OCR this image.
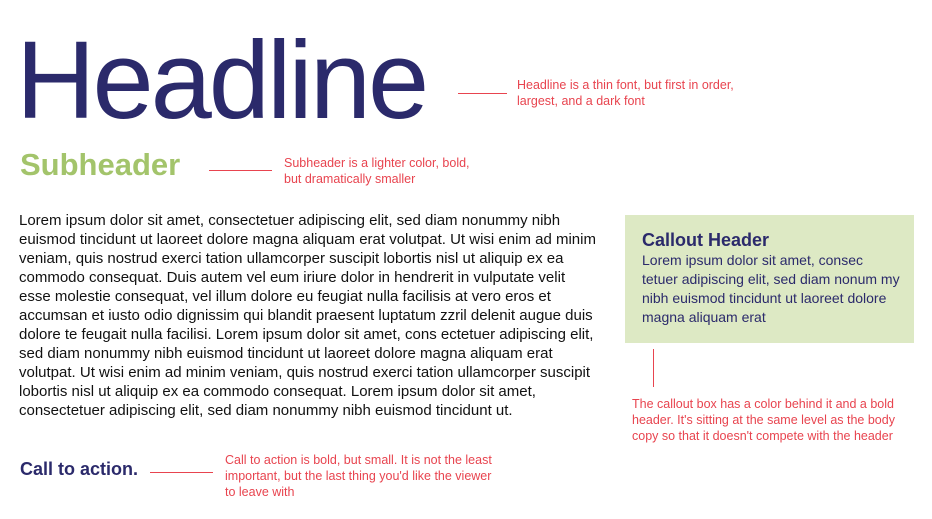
Headline	Headline is a thin font, but first in order, largest, and a dark font

Subheader	Subheader is a lighter color, bold, but dramatically smaller

Lorem ipsum dolor sit amet, consectetuer adipiscing elit, sed diam nonummy nibh euismod tincidunt ut laoreet dolore magna aliquam erat volutpat. Ut wisi enim ad minim veniam, quis nostrud exerci tation ullamcorper suscipit lobortis nisl ut aliquip ex ea commodo consequat. Duis autem vel eum iriure dolor in hendrerit in vulputate velit esse molestie consequat, vel illum dolore eu feugiat nulla facilisis at vero eros et accumsan et iusto odio dignissim qui blandit praesent luptatum zzril delenit augue duis dolore te feugait nulla facilisi. Lorem ipsum dolor sit amet, cons ectetuer adipiscing elit, sed diam nonummy nibh euismod tincidunt ut laoreet dolore magna aliquam erat volutpat. Ut wisi enim ad minim veniam, quis nostrud exerci tation ullamcorper suscipit lobortis nisl ut aliquip ex ea commodo consequat. Lorem ipsum dolor sit amet, consectetuer adipiscing elit, sed diam nonummy nibh euismod tincidunt ut.

Callout Header

Lorem ipsum dolor sit amet, consec tetuer adipiscing elit, sed diam nonum my nibh euismod tincidunt ut laoreet dolore magna aliquam erat

The callout box has a color behind it and a bold header. It's sitting at the same level as the body copy so that it doesn't compete with the header

Call to action.	Call to action is bold, but small. It is not the least important, but the last thing you'd like the viewer to leave with
